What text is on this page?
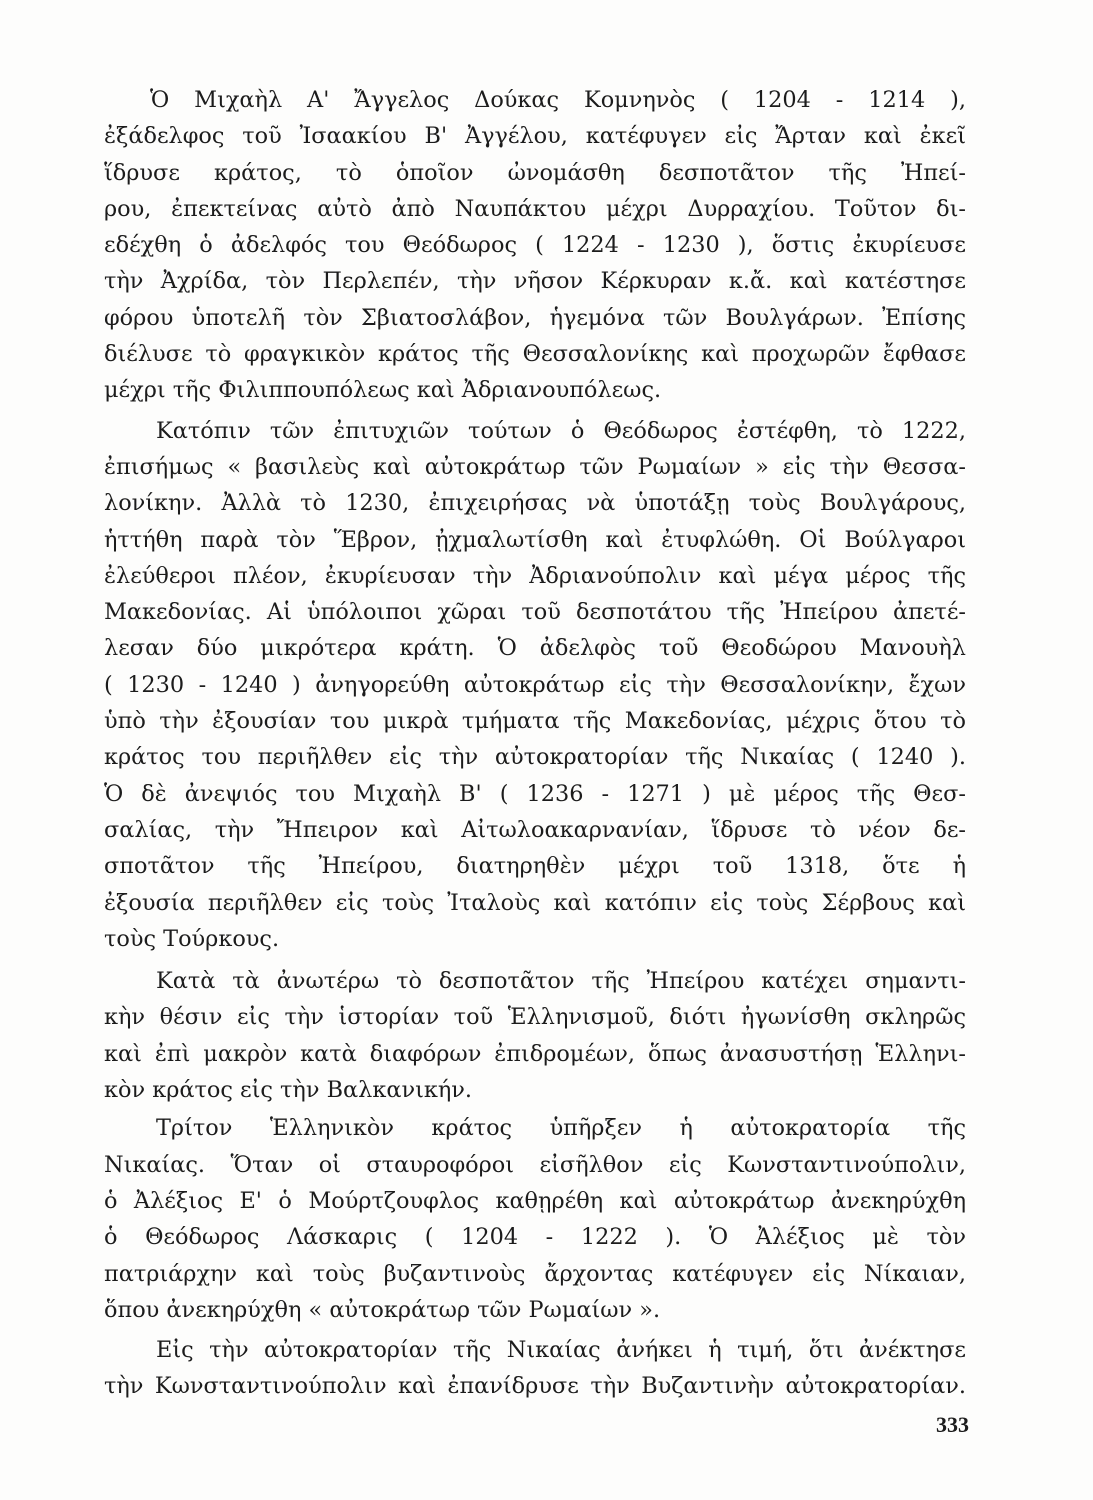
Ὁ Μιχαὴλ Α' Ἄγγελος Δούκας Κομνηνὸς ( 1204 - 1214 ),
ἐξάδελφος τοῦ Ἰσαακίου Β' Ἀγγέλου, κατέφυγεν εἰς Ἄρταν καὶ ἐκεῖ
ἵδρυσε κράτος, τὸ ὁποῖον ὠνομάσθη δεσποτᾶτον τῆς Ἠπεί-
ρου, ἐπεκτείνας αὐτὸ ἀπὸ Ναυπάκτου μέχρι Δυρραχίου. Τοῦτον δι-
εδέχθη ὁ ἀδελφός του Θεόδωρος ( 1224 - 1230 ), ὅστις ἐκυρίευσε
τὴν Ἀχρίδα, τὸν Περλεπέν, τὴν νῆσον Κέρκυραν κ.ἄ. καὶ κατέστησε
φόρου ὑποτελῆ τὸν Σβιατοσλάβον, ἡγεμόνα τῶν Βουλγάρων. Ἐπίσης
διέλυσε τὸ φραγκικὸν κράτος τῆς Θεσσαλονίκης καὶ προχωρῶν ἔφθασε
μέχρι τῆς Φιλιππουπόλεως καὶ Ἀδριανουπόλεως.
Κατόπιν τῶν ἐπιτυχιῶν τούτων ὁ Θεόδωρος ἐστέφθη, τὸ 1222,
ἐπισήμως « βασιλεὺς καὶ αὐτοκράτωρ τῶν Ρωμαίων » εἰς τὴν Θεσσα-
λονίκην. Ἀλλὰ τὸ 1230, ἐπιχειρήσας νὰ ὑποτάξῃ τοὺς Βουλγάρους,
ἡττήθη παρὰ τὸν Ἕβρον, ᾐχμαλωτίσθη καὶ ἐτυφλώθη. Οἱ Βούλγαροι
ἐλεύθεροι πλέον, ἐκυρίευσαν τὴν Ἀδριανούπολιν καὶ μέγα μέρος τῆς
Μακεδονίας. Αἱ ὑπόλοιποι χῶραι τοῦ δεσποτάτου τῆς Ἠπείρου ἀπετέ-
λεσαν δύο μικρότερα κράτη. Ὁ ἀδελφὸς τοῦ Θεοδώρου Μανουὴλ
( 1230 - 1240 ) ἀνηγορεύθη αὐτοκράτωρ εἰς τὴν Θεσσαλονίκην, ἔχων
ὑπὸ τὴν ἐξουσίαν του μικρὰ τμήματα τῆς Μακεδονίας, μέχρις ὅτου τὸ
κράτος του περιῆλθεν εἰς τὴν αὐτοκρατορίαν τῆς Νικαίας ( 1240 ).
Ὁ δὲ ἀνεψιός του Μιχαὴλ Β' ( 1236 - 1271 ) μὲ μέρος τῆς Θεσ-
σαλίας, τὴν Ἤπειρον καὶ Αἰτωλοακαρνανίαν, ἵδρυσε τὸ νέον δε-
σποτᾶτον τῆς Ἠπείρου, διατηρηθὲν μέχρι τοῦ 1318, ὅτε ἡ
ἐξουσία περιῆλθεν εἰς τοὺς Ἰταλοὺς καὶ κατόπιν εἰς τοὺς Σέρβους καὶ
τοὺς Τούρκους.
Κατὰ τὰ ἀνωτέρω τὸ δεσποτᾶτον τῆς Ἠπείρου κατέχει σημαντι-
κὴν θέσιν εἰς τὴν ἱστορίαν τοῦ Ἑλληνισμοῦ, διότι ἠγωνίσθη σκληρῶς
καὶ ἐπὶ μακρὸν κατὰ διαφόρων ἐπιδρομέων, ὅπως ἀνασυστήσῃ Ἑλληνι-
κὸν κράτος εἰς τὴν Βαλκανικήν.
Τρίτον Ἑλληνικὸν κράτος ὑπῆρξεν ἡ αὐτοκρατορία τῆς
Νικαίας. Ὅταν οἱ σταυροφόροι εἰσῆλθον εἰς Κωνσταντινούπολιν,
ὁ Ἀλέξιος Ε' ὁ Μούρτζουφλος καθῃρέθη καὶ αὐτοκράτωρ ἀνεκηρύχθη
ὁ Θεόδωρος Λάσκαρις ( 1204 - 1222 ). Ὁ Ἀλέξιος μὲ τὸν
πατριάρχην καὶ τοὺς βυζαντινοὺς ἄρχοντας κατέφυγεν εἰς Νίκαιαν,
ὅπου ἀνεκηρύχθη « αὐτοκράτωρ τῶν Ρωμαίων ».
Εἰς τὴν αὐτοκρατορίαν τῆς Νικαίας ἀνήκει ἡ τιμή, ὅτι ἀνέκτησε
τὴν Κωνσταντινούπολιν καὶ ἐπανίδρυσε τὴν Βυζαντινὴν αὐτοκρατορίαν.
333
